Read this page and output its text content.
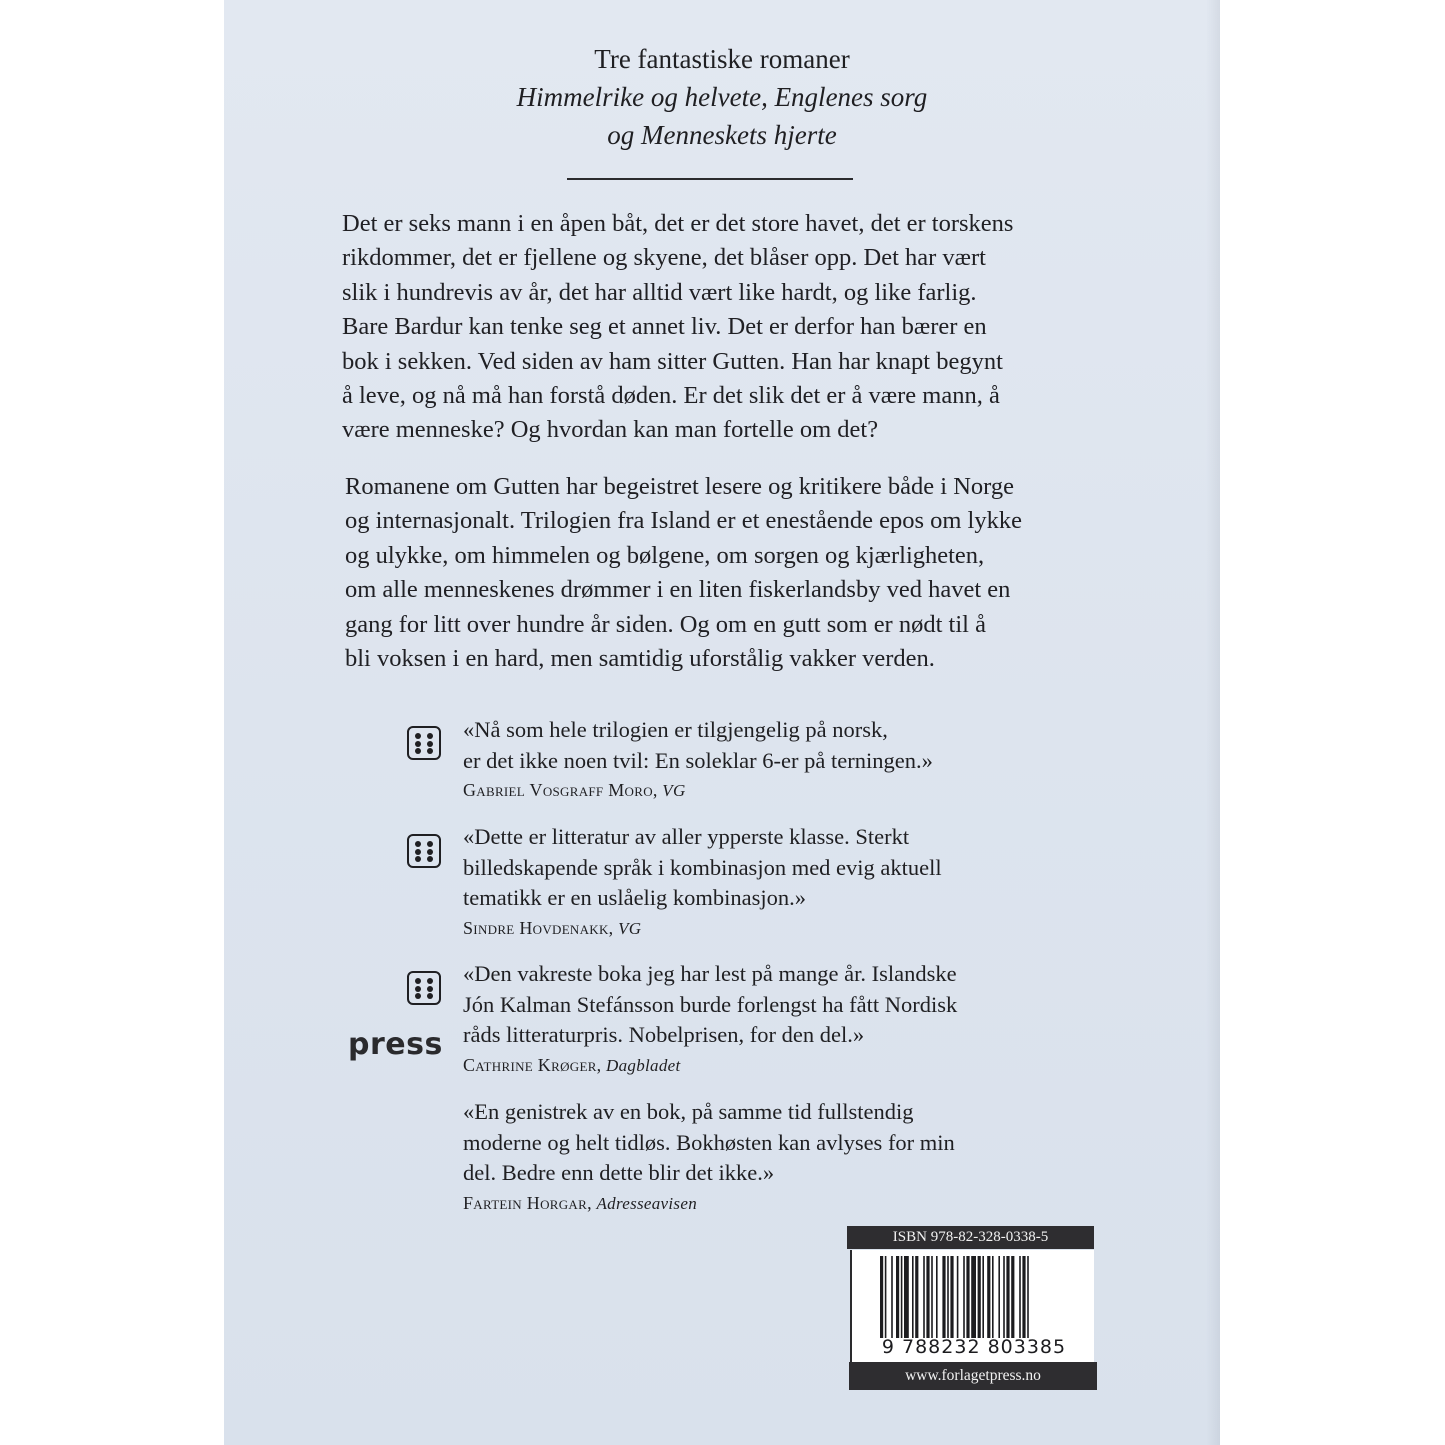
Tre fantastiske romaner
Himmelrike og helvete, Englenes sorg
og Menneskets hjerte

Det er seks mann i en åpen båt, det er det store havet, det er torskens
rikdommer, det er fjellene og skyene, det blåser opp. Det har vært
slik i hundrevis av år, det har alltid vært like hardt, og like farlig.
Bare Bardur kan tenke seg et annet liv. Det er derfor han bærer en
bok i sekken. Ved siden av ham sitter Gutten. Han har knapt begynt
å leve, og nå må han forstå døden. Er det slik det er å være mann, å
være menneske? Og hvordan kan man fortelle om det?

Romanene om Gutten har begeistret lesere og kritikere både i Norge
og internasjonalt. Trilogien fra Island er et enestående epos om lykke
og ulykke, om himmelen og bølgene, om sorgen og kjærligheten,
om alle menneskenes drømmer i en liten fiskerlandsby ved havet en
gang for litt over hundre år siden. Og om en gutt som er nødt til å
bli voksen i en hard, men samtidig uforstålig vakker verden.

«Nå som hele trilogien er tilgjengelig på norsk,
er det ikke noen tvil: En soleklar 6-er på terningen.»

Gabriel Vosgraff Moro, VG

«Dette er litteratur av aller ypperste klasse. Sterkt
billedskapende språk i kombinasjon med evig aktuell
tematikk er en uslåelig kombinasjon.»

Sindre Hovdenakk, VG

«Den vakreste boka jeg har lest på mange år. Islandske
Jón Kalman Stefánsson burde forlengst ha fått Nordisk
råds litteraturpris. Nobelprisen, for den del.»

Cathrine Krøger, Dagbladet

«En genistrek av en bok, på samme tid fullstendig
moderne og helt tidløs. Bokhøsten kan avlyses for min
del. Bedre enn dette blir det ikke.»

Fartein Horgar, Adresseavisen
press
ISBN 978-82-328-0338-5
9 788232 803385
www.forlagetpress.no
